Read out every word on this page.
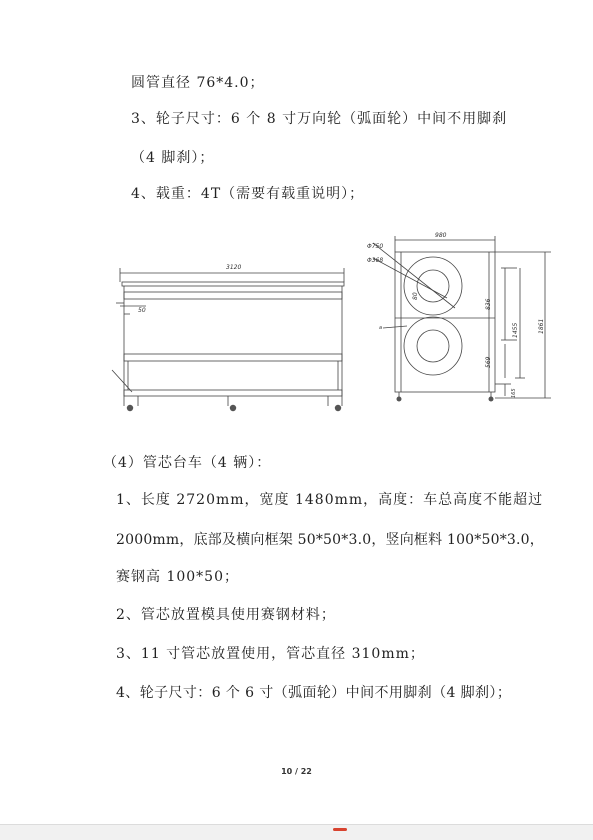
圆管直径 76*4.0；
3、轮子尺寸：6 个 8 寸万向轮（弧面轮）中间不用脚刹
（4 脚刹）；
4、载重：4T（需要有载重说明）；
3120
50
980
Φ750
Φ368
80
836
1455	1861
569
165
a
（4）管芯台车（4 辆）：
1、长度 2720mm，宽度 1480mm，高度：车总高度不能超过
2000mm，底部及横向框架 50*50*3.0，竖向框料 100*50*3.0，
赛钢高 100*50；
2、管芯放置模具使用赛钢材料；
3、11 寸管芯放置使用，管芯直径 310mm；
4、轮子尺寸：6 个 6 寸（弧面轮）中间不用脚刹（4 脚刹）；
10 / 22
